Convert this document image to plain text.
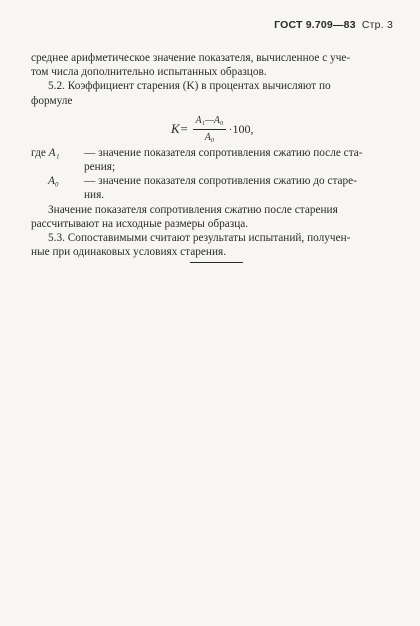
ГОСТ 9.709—83 Стр. 3

среднее арифметическое значение показателя, вычисленное с уче-

том числа дополнительно испытанных образцов.

5.2. Коэффициент старения (K) в процентах вычисляют по

формуле

$K= \frac{\text{A₁—A₀}}{\text{A₀}} \cdot 100$,
где A₁	— значение показателя сопротивления сжатию после ста-
рения;
A₀	— значение показателя сопротивления сжатию до старе-
ния.

Значение показателя сопротивления сжатию после старения

рассчитывают на исходные размеры образца.

5.3. Сопоставимыми считают результаты испытаний, получен-

ные при одинаковых условиях старения.
